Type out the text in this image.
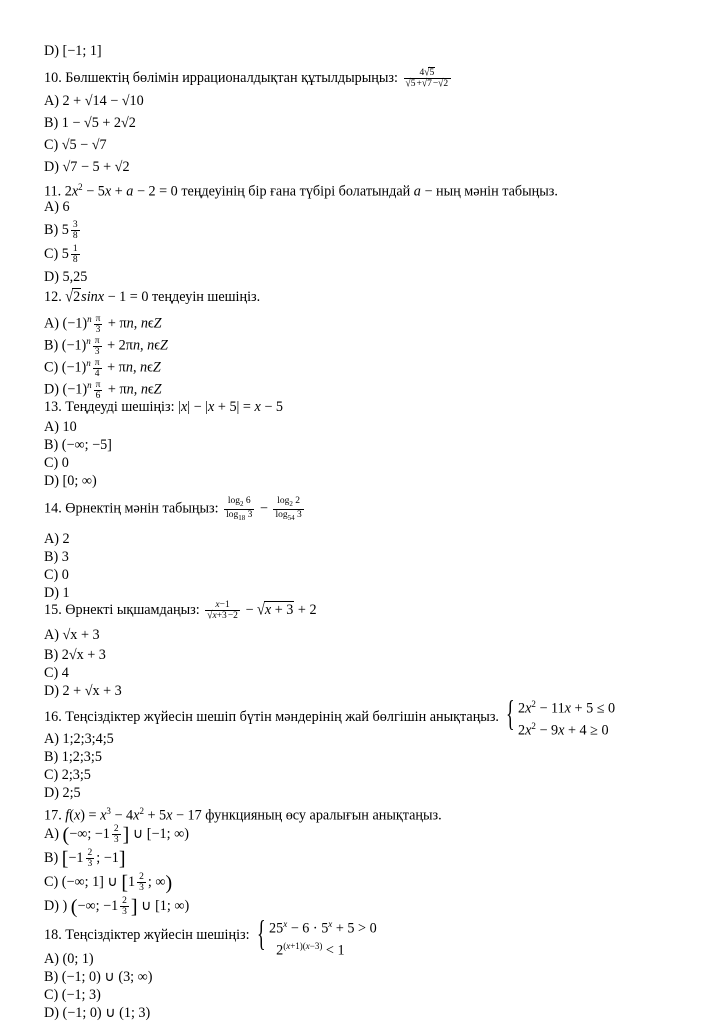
D) [−1; 1]
10. Бөлшектің бөлімін иррационалдықтан құтылдырыңыз: $\frac{4√5}{√5+√7-√2}$
A) 2 + √14 − √10
B) 1 − √5 + 2√2
C) √5 − √7
D) √7 − 5 + √2
11. $2x^2 - 5x + a - 2 = 0$ теңдеуінің бір ғана түбірі болатындай a − ның мәнін табыңыз.
A) 6
B) $5 \frac{3}{8}$
C) $5 \frac{1}{8}$
D) 5,25
12. √2sinx − 1 = 0 теңдеуін шешіңіз.
A) $(-1)^n \frac{\pi}{3} + \pi n$, nϵZ
B) $(-1)^n \frac{\pi}{3} + 2\pi n$, nϵZ
C) $(-1)^n \frac{\pi}{4} + \pi n$, nϵZ
D) $(-1)^n \frac{\pi}{6} + \pi n$, nϵZ
13. Теңдеуді шешіңіз: |x| − |x + 5| = x − 5
A) 10
B) (−∞; −5]
C) 0
D) [0; ∞)
14. Өрнектің мәнін табыңыз: $\frac{\log_2 6}{\log_{18} 3} - \frac{\log_2 2}{\log_{54} 3}$
A) 2
B) 3
C) 0
D) 1
15. Өрнекті ықшамдаңыз: $\frac{x-1}{√x+3-2} - √x + 3 + 2$
A) √x + 3
B) 2√x + 3
C) 4
D) 2 + √x + 3
16. Теңсіздіктер жүйесін шешіп бүтін мәндерінің жай бөлгішін анықтаңыз. { $2x^2 - 11x + 5 \le 0$
$2x^2 - 9x + 4 \ge 0$
A) 1;2;3;4;5
B) 1;2;3;5
C) 2;3;5
D) 2;5
17. $f(x) = x^3 - 4x^2 + 5x - 17$ функцияның өсу аралығын анықтаңыз.
A) (−∞; $-1 \frac{2}{3}$ ] ∪ [−1; ∞)
B) [$-1 \frac{2}{3}$ ; −1]
C) (−∞; 1] ∪ [$1 \frac{2}{3}$ ; ∞)
D) ) (−∞; $-1 \frac{2}{3}$ ] ∪ [1; ∞)
18. Теңсіздіктер жүйесін шешіңіз: { $25^x - 6 \cdot 5^x + 5 > 0$
$2^{(x+1)(x-3)} < 1$
A) (0; 1)
B) (−1; 0) ∪ (3; ∞)
C) (−1; 3)
D) (−1; 0) ∪ (1; 3)
